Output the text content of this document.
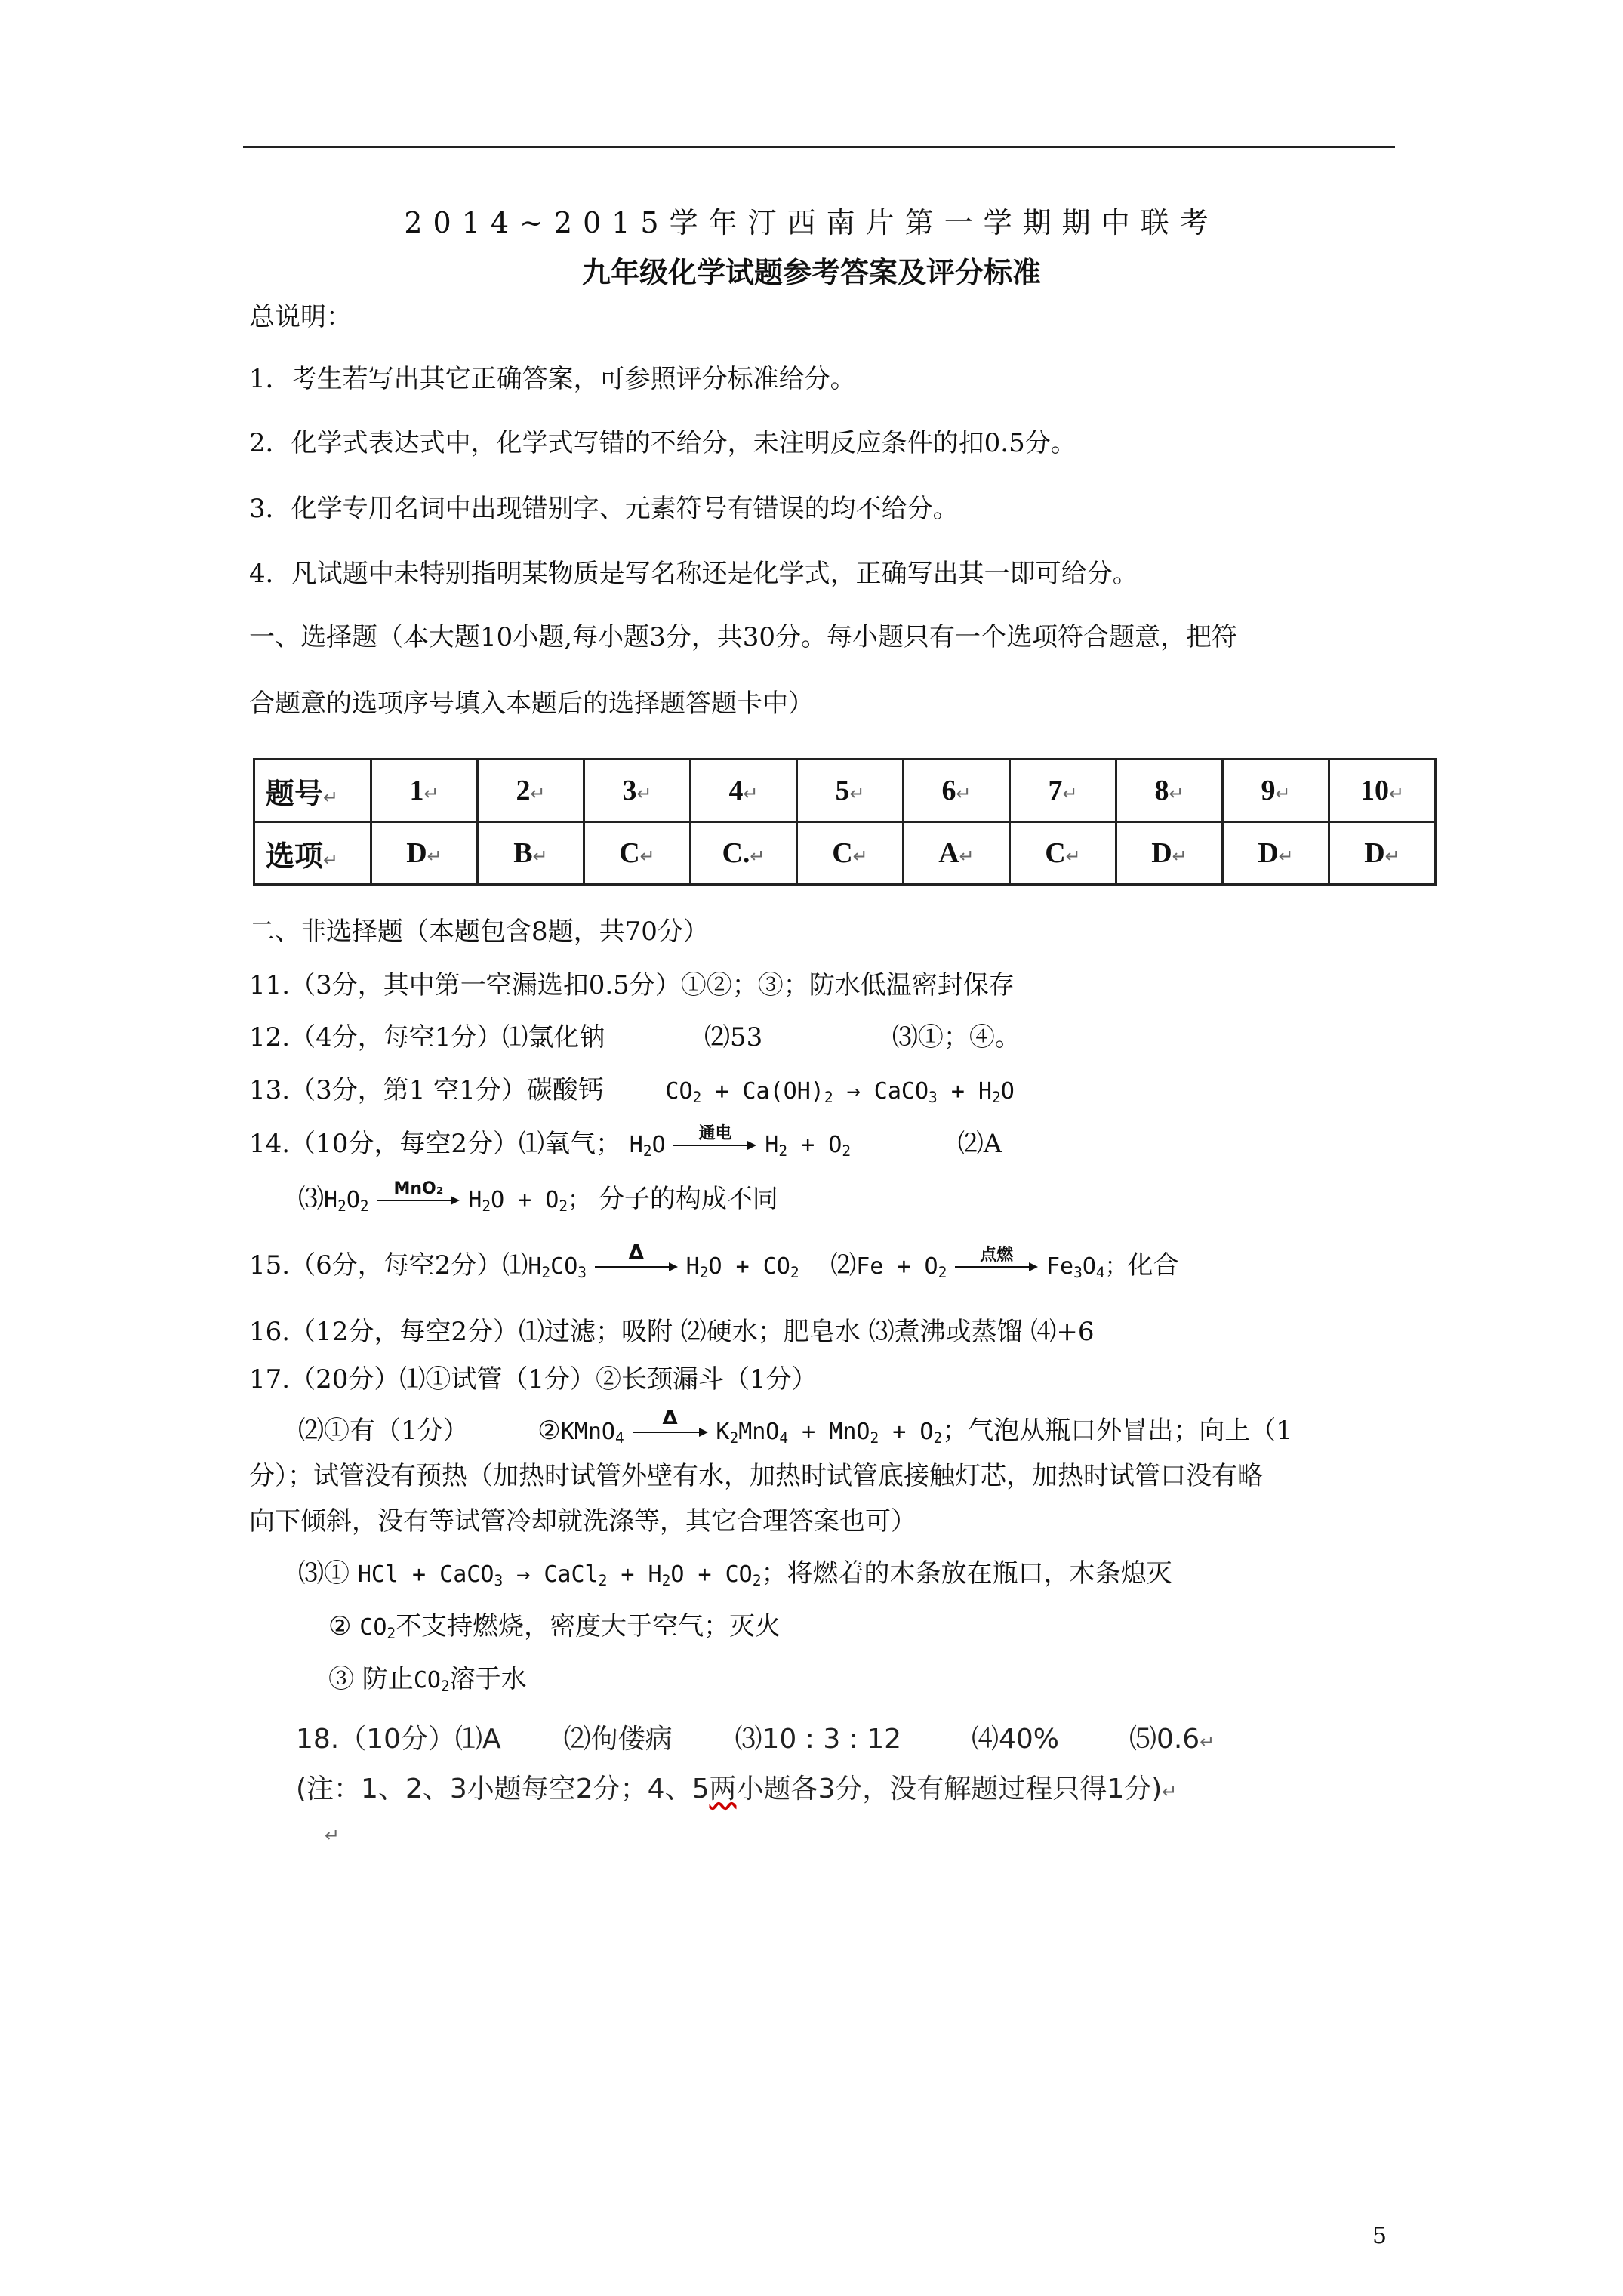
2014~2015学年汀西南片第一学期期中联考
九年级化学试题参考答案及评分标准
总说明：
1．考生若写出其它正确答案，可参照评分标准给分。
2．化学式表达式中，化学式写错的不给分，未注明反应条件的扣0.5分。
3．化学专用名词中出现错别字、元素符号有错误的均不给分。
4．凡试题中未特别指明某物质是写名称还是化学式，正确写出其一即可给分。
一、选择题（本大题10小题,每小题3分，共30分。每小题只有一个选项符合题意，把符
合题意的选项序号填入本题后的选择题答题卡中）
题号↵	1↵	2↵	3↵	4↵	5↵	6↵	7↵	8↵	9↵	10↵
选项↵	D↵	B↵	C↵	C.↵	C↵	A↵	C↵	D↵	D↵	D↵
二、非选择题（本题包含8题，共70分）
11.（3分，其中第一空漏选扣0.5分）①②；③；防水低温密封保存
12.（4分，每空1分）⑴氯化钠	⑵53	⑶①；④。
13.（3分，第1 空1分）碳酸钙	$CO_2 + Ca(OH)_2$ → CaCO$_3$ + $H_2O$
14.（10分，每空2分）⑴氧气； $H_2O$	通电	$H_2 + O_2$	⑵A
$⑶H_2O_2$
MnO₂	$H_2O + O_2$； 分子的构成不同
15.（6分，每空2分）$⑴H_2CO_3$
Δ
$H_2O + CO_2$ ⑵Fe + $O_2$
点燃	$Fe_3O_4$；化合
16.（12分，每空2分）⑴过滤；吸附 ⑵硬水；肥皂水 ⑶煮沸或蒸馏 ⑷+6
17.（20分）⑴①试管（1分）②长颈漏斗（1分）
⑵①有（1分）	②KMnO$_4$
Δ
$K_2MnO_4 + MnO_2 + O_2$；气泡从瓶口外冒出；向上（1
分）；试管没有预热（加热时试管外壁有水，加热时试管底接触灯芯，加热时试管口没有略
向下倾斜，没有等试管冷却就洗涤等，其它合理答案也可）
⑶① HCl + CaCO$_3$ → CaCl$_2$ + $H_2O + CO_2$；将燃着的木条放在瓶口，木条熄灭
② $CO_2$不支持燃烧，密度大于空气；灭火
③ 防止$CO_2$溶于水
18.（10分）⑴A ⑵佝偻病 ⑶10 : 3 : 12	⑷40%	⑸0.6↵
(注：1、2、3小题每空2分；4、5两小题各3分，没有解题过程只得1分)↵
↵
5
